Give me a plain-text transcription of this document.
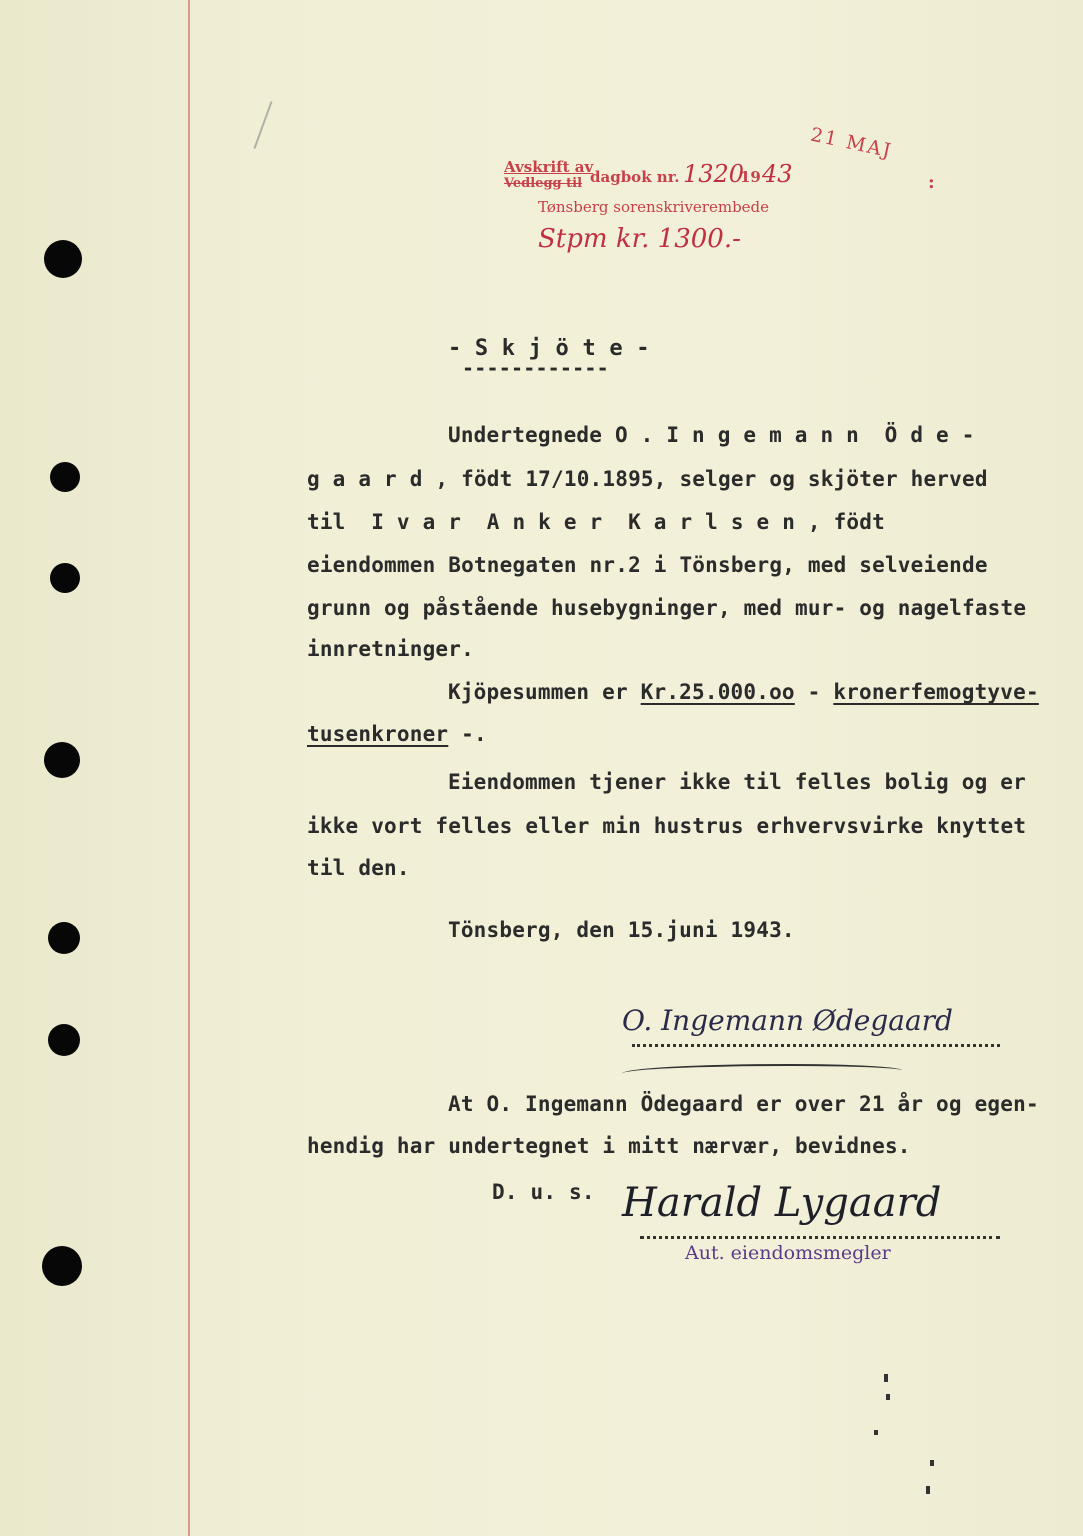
Avskrift av
Vedlegg til dagbok nr. 1320
19 43
Tønsberg sorenskriverembede
21 MAJ
:
Stpm kr. 1300.-
- S k j ö t e -
------------
Undertegnede O . I n g e m a n n  Ö d e -
g a a r d , födt 17/10.1895, selger og skjöter herved
til  I v a r  A n k e r  K a r l s e n , födt
eiendommen Botnegaten nr.2 i Tönsberg, med selveiende
grunn og påstående husebygninger, med mur- og nagelfaste
innretninger.
Kjöpesummen er Kr.25.000.oo - kronerfemogtyve-
tusenkroner -.
Eiendommen tjener ikke til felles bolig og er
ikke vort felles eller min hustrus erhvervsvirke knyttet
til den.
Tönsberg, den 15.juni 1943.
O. Ingemann Ødegaard
At O. Ingemann Ödegaard er over 21 år og egen-
hendig har undertegnet i mitt nærvær, bevidnes.
D. u. s. Harald Lygaard
Aut. eiendomsmegler
